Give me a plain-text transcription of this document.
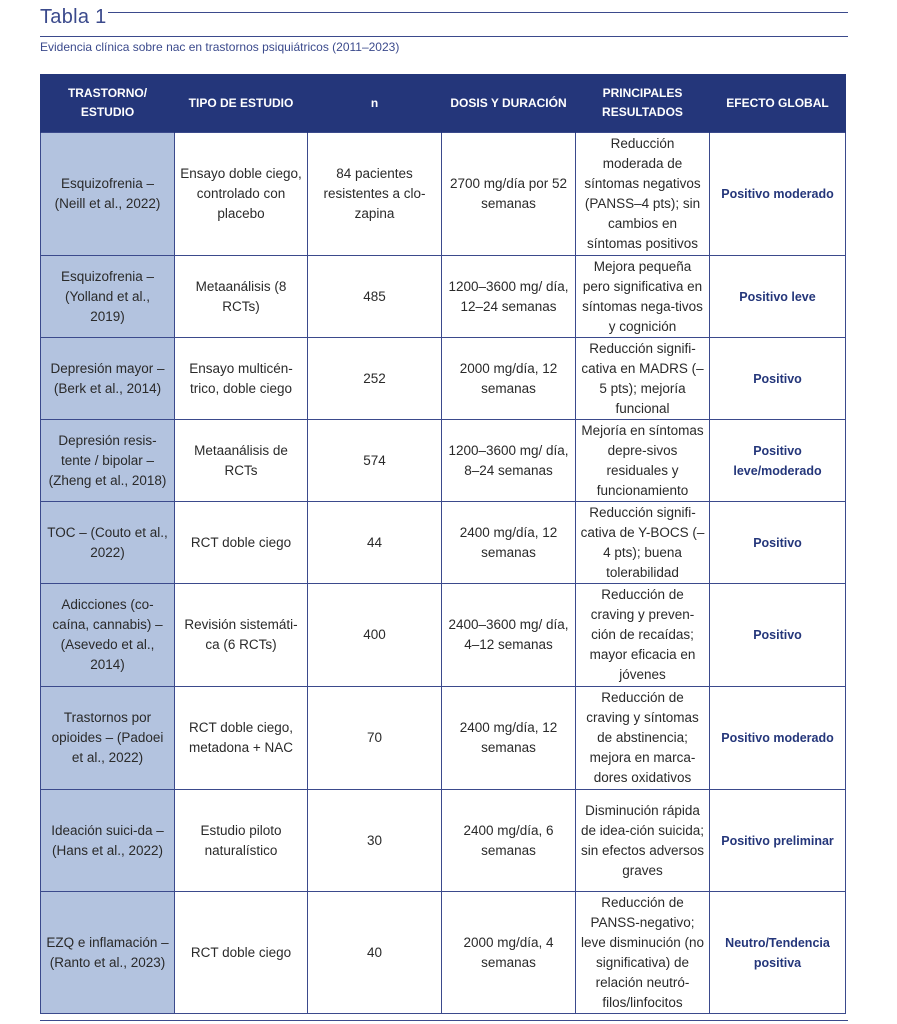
Tabla 1
Evidencia clínica sobre nac en trastornos psiquiátricos (2011–2023)
TRASTORNO/ ESTUDIO	TIPO DE ESTUDIO	n	DOSIS Y DURACIÓN	PRINCIPALES RESULTADOS	EFECTO GLOBAL
Esquizofrenia – (Neill et al., 2022)	Ensayo doble ciego, controlado con placebo	84 pacientes resistentes a clo-zapina	2700 mg/día por 52 semanas	Reducción moderada de síntomas negativos (PANSS–4 pts); sin cambios en síntomas positivos	Positivo moderado
Esquizofrenia – (Yolland et al., 2019)	Metaanálisis (8 RCTs)	485	1200–3600 mg/ día, 12–24 semanas	Mejora pequeña pero significativa en síntomas nega-tivos y cognición	Positivo leve
Depresión mayor – (Berk et al., 2014)	Ensayo multicén-trico, doble ciego	252	2000 mg/día, 12 semanas	Reducción signifi-cativa en MADRS (–5 pts); mejoría funcional	Positivo
Depresión resis-tente / bipolar – (Zheng et al., 2018)	Metaanálisis de RCTs	574	1200–3600 mg/ día, 8–24 semanas	Mejoría en síntomas depre-sivos residuales y funcionamiento	Positivo leve/moderado
TOC – (Couto et al., 2022)	RCT doble ciego	44	2400 mg/día, 12 semanas	Reducción signifi-cativa de Y-BOCS (–4 pts); buena tolerabilidad	Positivo
Adicciones (co-caína, cannabis) – (Asevedo et al., 2014)	Revisión sistemáti-ca (6 RCTs)	400	2400–3600 mg/ día, 4–12 semanas	Reducción de craving y preven-ción de recaídas; mayor eficacia en jóvenes	Positivo
Trastornos por opioides – (Padoei et al., 2022)	RCT doble ciego, metadona + NAC	70	2400 mg/día, 12 semanas	Reducción de craving y síntomas de abstinencia; mejora en marca-dores oxidativos	Positivo moderado
Ideación suici-da – (Hans et al., 2022)	Estudio piloto naturalístico	30	2400 mg/día, 6 semanas	Disminución rápida de idea-ción suicida; sin efectos adversos graves	Positivo preliminar
EZQ e inflamación – (Ranto et al., 2023)	RCT doble ciego	40	2000 mg/día, 4 semanas	Reducción de PANSS-negativo; leve disminución (no significativa) de relación neutró-filos/linfocitos	Neutro/Tendencia positiva
